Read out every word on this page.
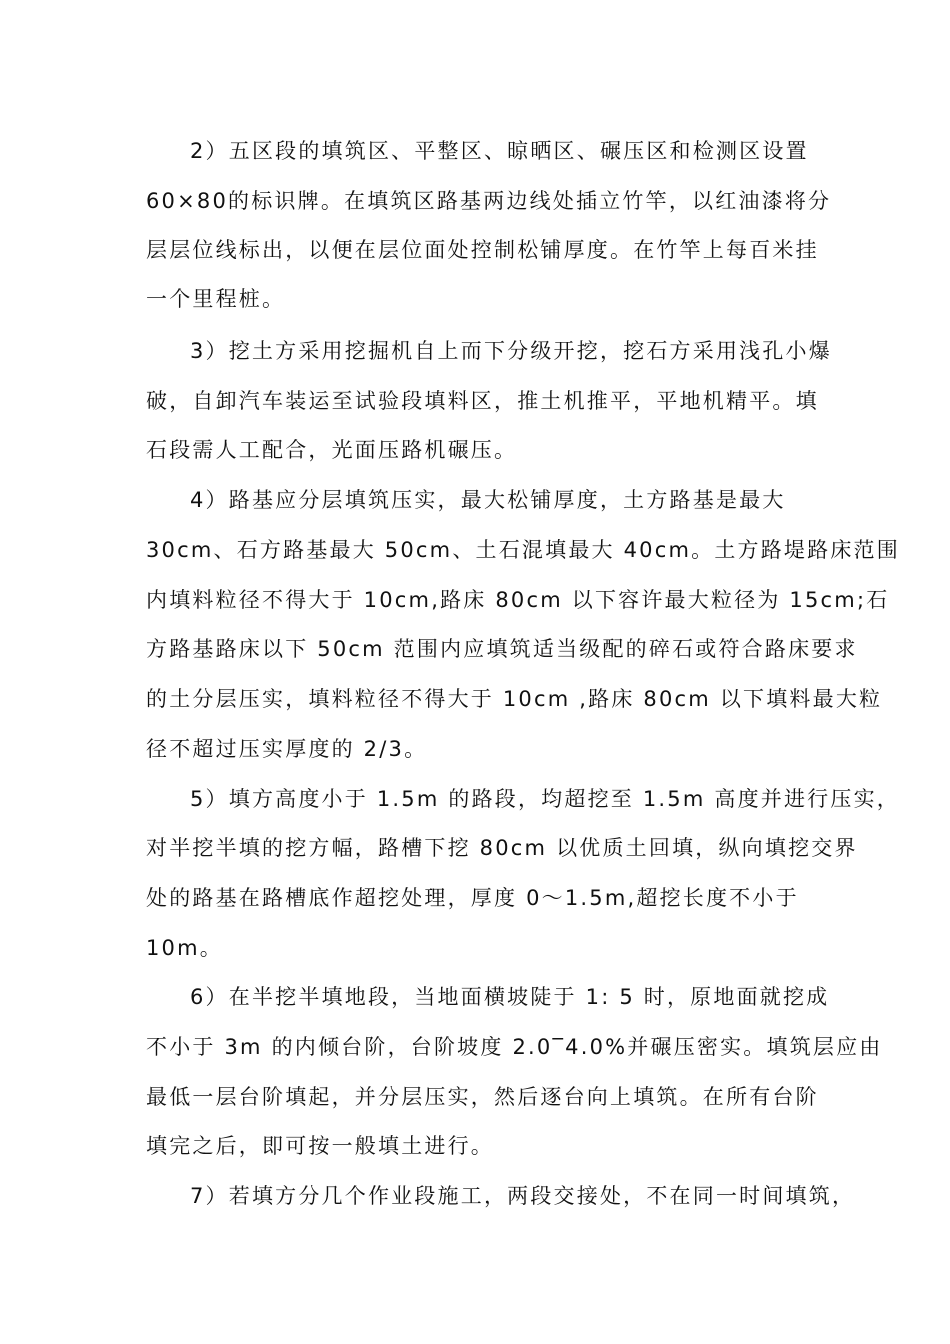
2）五区段的填筑区、平整区、晾晒区、碾压区和检测区设置
60×80的标识牌。在填筑区路基两边线处插立竹竿，以红油漆将分
层层位线标出，以便在层位面处控制松铺厚度。在竹竿上每百米挂
一个里程桩。
3）挖土方采用挖掘机自上而下分级开挖，挖石方采用浅孔小爆
破，自卸汽车装运至试验段填料区，推土机推平，平地机精平。填
石段需人工配合，光面压路机碾压。
4）路基应分层填筑压实，最大松铺厚度，土方路基是最大
30cm、石方路基最大 50cm、土石混填最大 40cm。土方路堤路床范围
内填料粒径不得大于 10cm,路床 80cm 以下容许最大粒径为 15cm;石
方路基路床以下 50cm 范围内应填筑适当级配的碎石或符合路床要求
的土分层压实，填料粒径不得大于 10cm ,路床 80cm 以下填料最大粒
径不超过压实厚度的 2/3。
5）填方高度小于 1.5m 的路段，均超挖至 1.5m 高度并进行压实，
对半挖半填的挖方幅，路槽下挖 80cm 以优质土回填，纵向填挖交界
处的路基在路槽底作超挖处理，厚度 0～1.5m,超挖长度不小于
10m。
6）在半挖半填地段，当地面横坡陡于 1: 5 时，原地面就挖成
不小于 3m 的内倾台阶，台阶坡度 2.0‾4.0%并碾压密实。填筑层应由
最低一层台阶填起，并分层压实，然后逐台向上填筑。在所有台阶
填完之后，即可按一般填土进行。
7）若填方分几个作业段施工，两段交接处，不在同一时间填筑，
